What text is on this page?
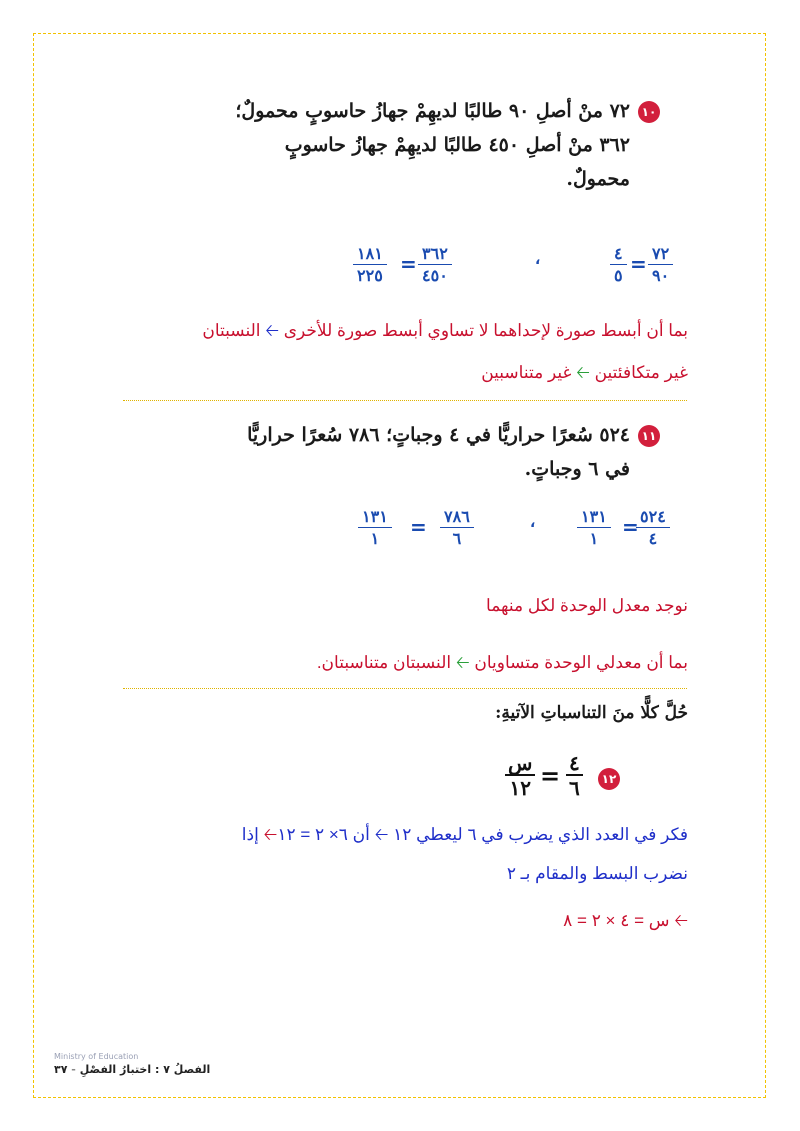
١٠٧٢ منْ أصلِ ٩٠ طالبًا لديهِمْ جهازُ حاسوبٍ محمولٌ؛
٣٦٢ منْ أصلِ ٤٥٠ طالبًا لديهِمْ جهازُ حاسوبٍ
محمولٌ.
١٨١
٢٢٥ = ٣٦٢
٤٥٠
،	٤
٥ = ٧٢
٩٠
بما أن أبسط صورة لإحداهما لا تساوي أبسط صورة للأخرى 🡠 النسبتان
غير متكافئتين 🡠 غير متناسبين
١١٥٢٤ سُعرًا حراريًّا في ٤ وجباتٍ؛ ٧٨٦ سُعرًا حراريًّا
في ٦ وجباتٍ.
١٣١
١	= ٧٨٦
٦
،	١٣١
١	= ٥٢٤
٤
نوجد معدل الوحدة لكل منهما
بما أن معدلي الوحدة متساويان 🡠 النسبتان متناسبتان.
حُلَّ كلًّا منَ التناسباتِ الآتيةِ:
١٢
٤
٦
=
س
١٢
فكر في العدد الذي يضرب في ٦ ليعطي ١٢ 🡠 أن ٦× ٢ = ١٢🡠 إذا
نضرب البسط والمقام بـ ٢
🡠 س = ٤ × ٢ = ٨
Ministry of Education
الفصلُ ٧ : اختبارُ الفصْلِ - ٣٧
